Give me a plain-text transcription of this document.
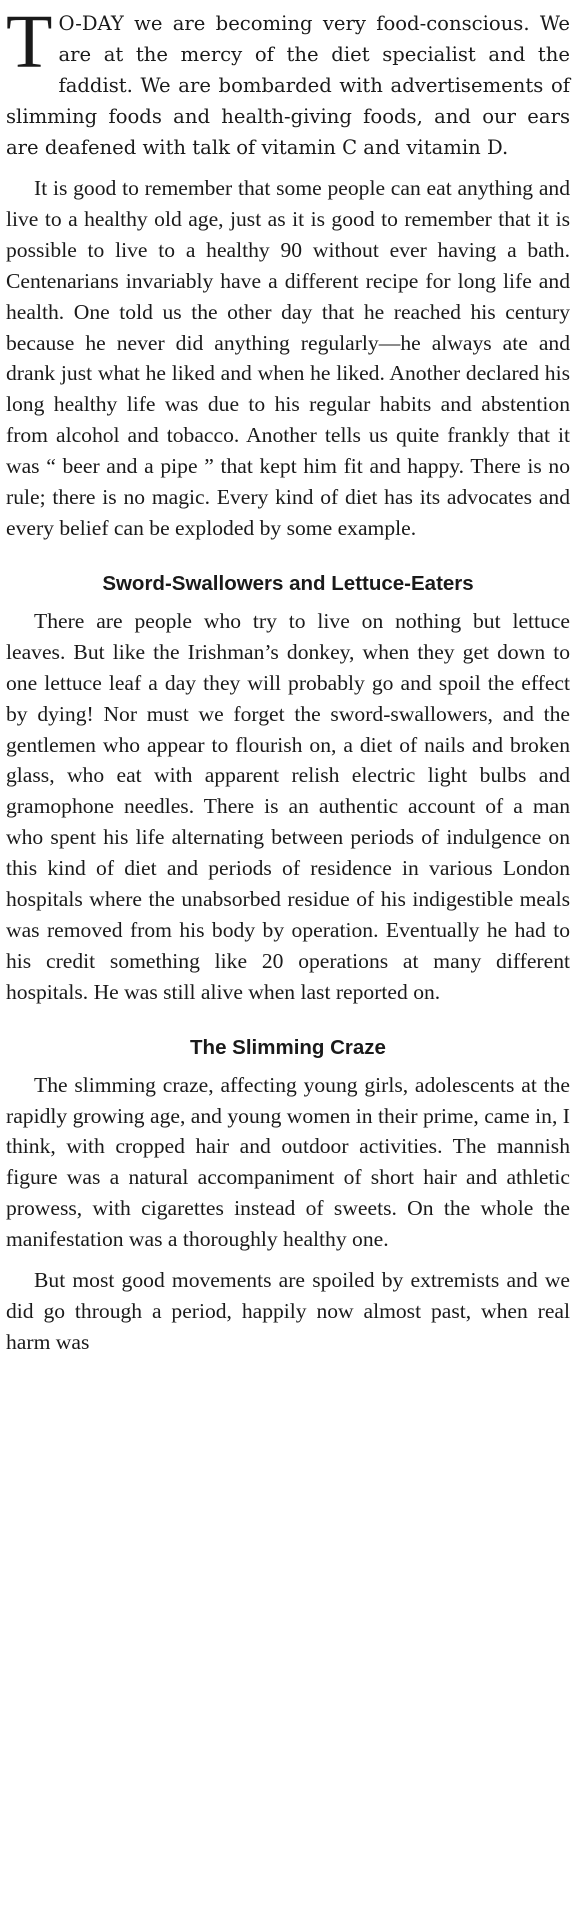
T O-DAY we are becoming very food-conscious. We are at the mercy of the diet specialist and the faddist. We are bombarded with advertisements of slimming foods and health-giving foods, and our ears are deafened with talk of vitamin C and vitamin D.

It is good to remember that some people can eat anything and live to a healthy old age, just as it is good to remember that it is possible to live to a healthy 90 without ever having a bath. Centenarians invariably have a different recipe for long life and health. One told us the other day that he reached his century because he never did anything regularly—he always ate and drank just what he liked and when he liked. Another declared his long healthy life was due to his regular habits and abstention from alcohol and tobacco. Another tells us quite frankly that it was “ beer and a pipe ” that kept him fit and happy. There is no rule; there is no magic. Every kind of diet has its advocates and every belief can be exploded by some example.

Sword-Swallowers and Lettuce-Eaters

There are people who try to live on nothing but lettuce leaves. But like the Irishman’s donkey, when they get down to one lettuce leaf a day they will probably go and spoil the effect by dying! Nor must we forget the sword-swallowers, and the gentlemen who appear to flourish on, a diet of nails and broken glass, who eat with apparent relish electric light bulbs and gramophone needles. There is an authentic account of a man who spent his life alternating between periods of indulgence on this kind of diet and periods of residence in various London hospitals where the unabsorbed residue of his indigestible meals was removed from his body by operation. Eventually he had to his credit something like 20 operations at many different hospitals. He was still alive when last reported on.

The Slimming Craze

The slimming craze, affecting young girls, adolescents at the rapidly growing age, and young women in their prime, came in, I think, with cropped hair and outdoor activities. The mannish figure was a natural accompaniment of short hair and athletic prowess, with cigarettes instead of sweets. On the whole the manifestation was a thoroughly healthy one.

But most good movements are spoiled by extremists and we did go through a period, happily now almost past, when real harm was
